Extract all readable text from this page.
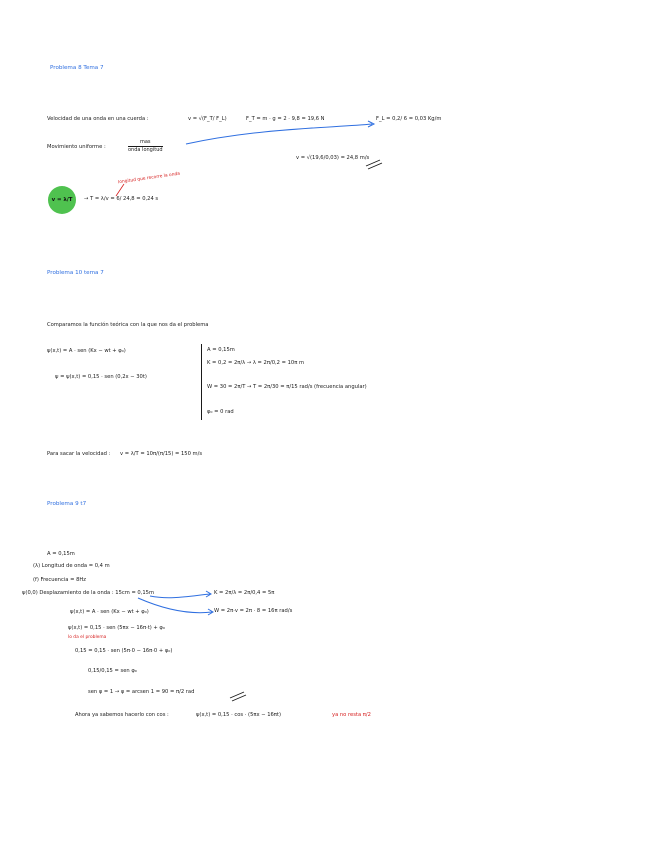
Problema 8 Tema 7
Velocidad de una onda en una cuerda :	v = √(F_T/ F_L)	F_T = m · g = 2 · 9,8 = 19,6 N	F_L = 0,2/ 6 = 0,03 Kg/m
Movimiento uniforme :
mas
onda longitud
v = √(19,6/0,03) = 24,8 m/s
v = λ/T
longitud que recorre la onda
→ T = λ/v = 6/ 24,8 = 0,24 s
Problema 10 tema 7
Comparamos la función teórica con la que nos da el problema
ψ(x,t) = A · sen (Kx − wt + φ₀)
ψ = ψ(x,t) = 0,15 · sen (0,2x − 30t)
A = 0,15m
K = 0,2 = 2π/λ → λ = 2π/0,2 = 10π m
W = 30 = 2π/T → T = 2π/30 = π/15 rad/s (frecuencia angular)
φ₀ = 0 rad
Para sacar la velocidad : v = λ/T = 10π/(π/15) = 150 m/s
Problema 9 t7
A = 0,15m
(λ) Longitud de onda = 0,4 m
(f) Frecuencia = 8Hz
ψ(0,0) Desplazamiento de la onda : 15cm = 0,15m	K = 2π/λ = 2π/0,4 = 5π
W = 2π·v = 2π · 8 = 16π rad/s
ψ(x,t) = A · sen (Kx − wt + φ₀)
ψ(x,t) = 0,15 · sen (5πx − 16π·t) + φ₀
lo da el problema
0,15 = 0,15 · sen (5π·0 − 16π·0 + φ₀)
0,15/0,15 = sen φ₀
sen φ = 1 → φ = arcsen 1 = 90 = π/2 rad
Ahora ya sabemos hacerlo con cos :	ψ(x,t) = 0,15 · cos · (5πx − 16πt)	ya no resta π/2
